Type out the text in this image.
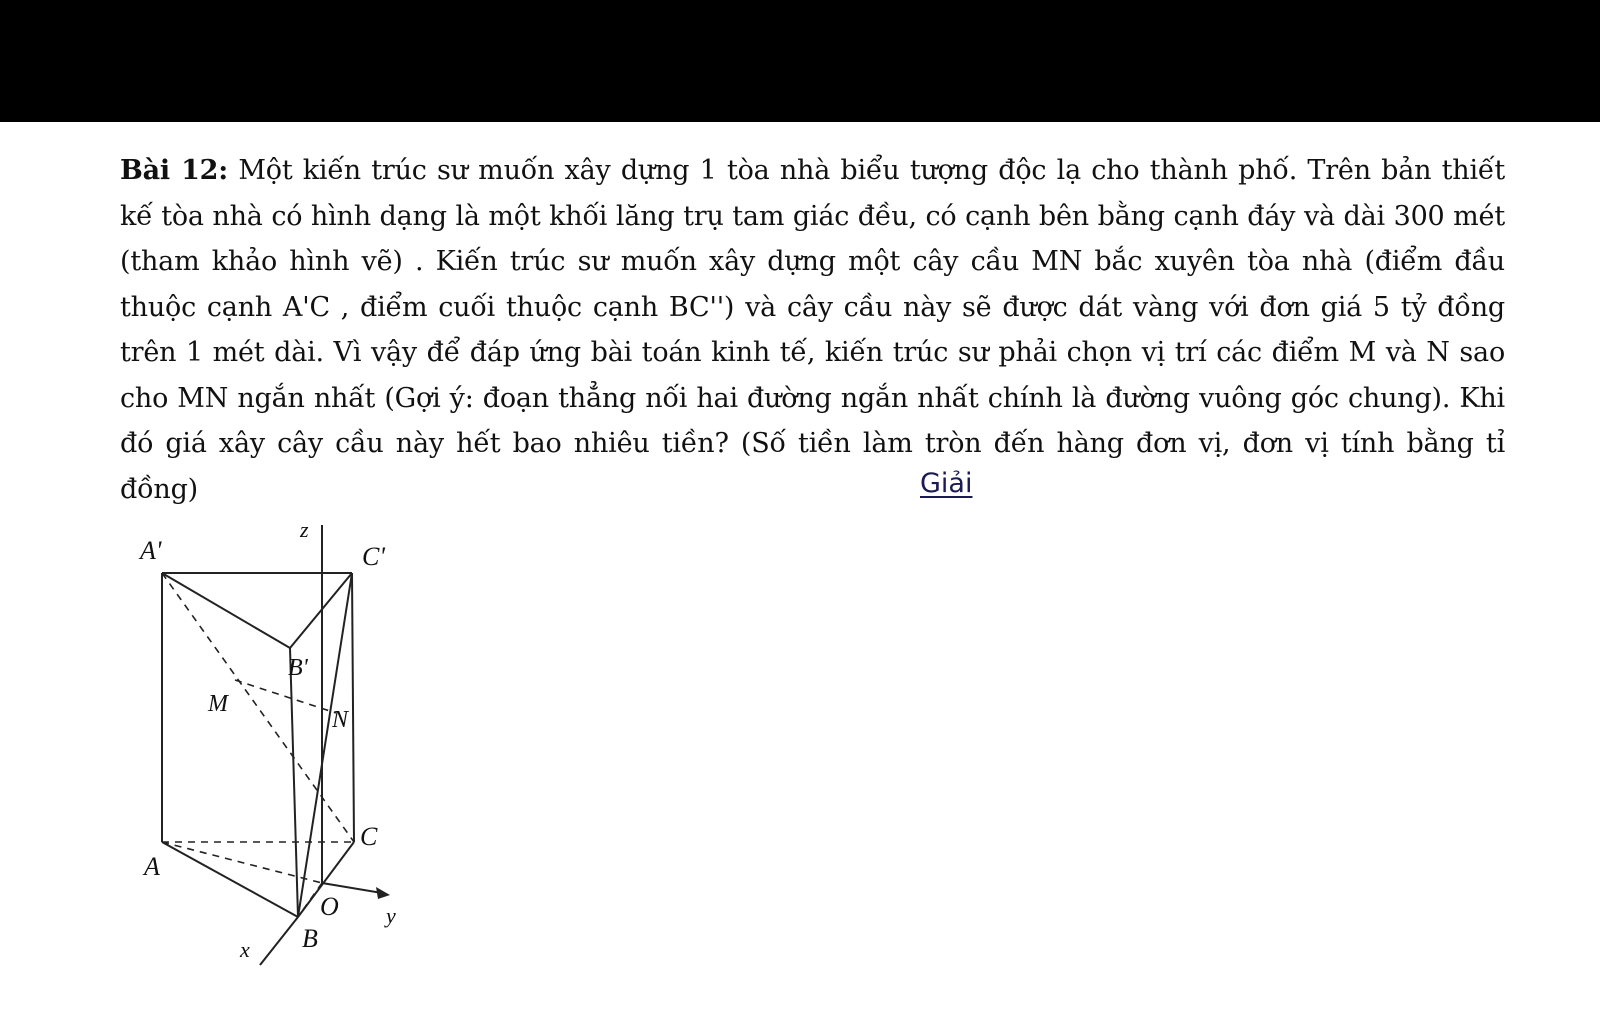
Bài 12: Một kiến trúc sư muốn xây dựng 1 tòa nhà biểu tượng độc lạ cho thành phố. Trên bản thiết kế tòa nhà có hình dạng là một khối lăng trụ tam giác đều, có cạnh bên bằng cạnh đáy và dài 300 mét (tham khảo hình vẽ) . Kiến trúc sư muốn xây dựng một cây cầu MN bắc xuyên tòa nhà (điểm đầu thuộc cạnh A'C , điểm cuối thuộc cạnh BC'') và cây cầu này sẽ được dát vàng với đơn giá 5 tỷ đồng trên 1 mét dài. Vì vậy để đáp ứng bài toán kinh tế, kiến trúc sư phải chọn vị trí các điểm M và N sao cho MN ngắn nhất (Gợi ý: đoạn thẳng nối hai đường ngắn nhất chính là đường vuông góc chung). Khi đó giá xây cây cầu này hết bao nhiêu tiền? (Số tiền làm tròn đến hàng đơn vị, đơn vị tính bằng tỉ đồng)	Giải
z
A'	C'
B'
M
N
C
A
O y
B
x
